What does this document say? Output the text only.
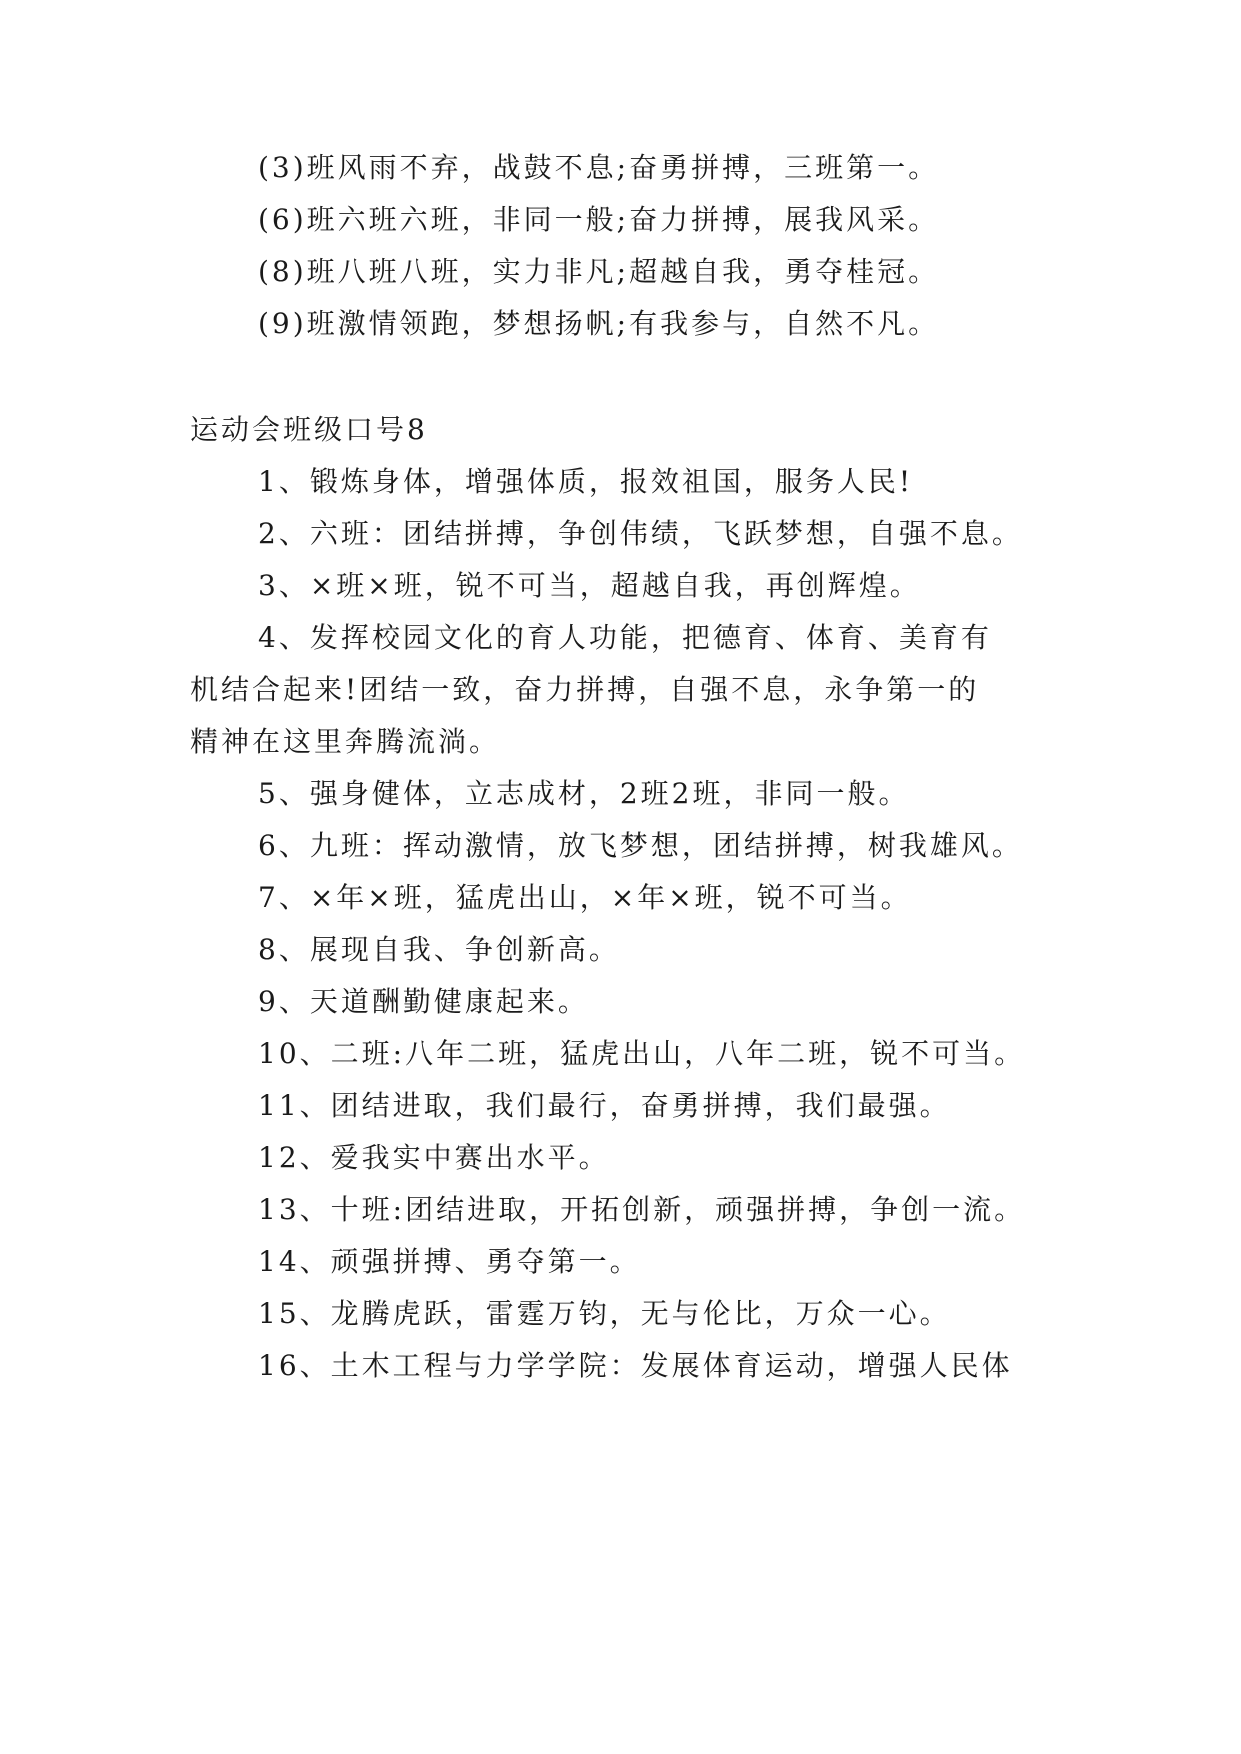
(3)班风雨不弃，战鼓不息;奋勇拼搏，三班第一。
(6)班六班六班，非同一般;奋力拼搏，展我风采。
(8)班八班八班，实力非凡;超越自我，勇夺桂冠。
(9)班激情领跑，梦想扬帆;有我参与，自然不凡。
运动会班级口号8
1、锻炼身体，增强体质，报效祖国，服务人民!
2、六班：团结拼搏，争创伟绩，飞跃梦想，自强不息。
3、×班×班，锐不可当，超越自我，再创辉煌。
4、发挥校园文化的育人功能，把德育、体育、美育有
机结合起来!团结一致，奋力拼搏，自强不息，永争第一的
精神在这里奔腾流淌。
5、强身健体，立志成材，2班2班，非同一般。
6、九班：挥动激情，放飞梦想，团结拼搏，树我雄风。
7、×年×班，猛虎出山，×年×班，锐不可当。
8、展现自我、争创新高。
9、天道酬勤健康起来。
10、二班:八年二班，猛虎出山，八年二班，锐不可当。
11、团结进取，我们最行，奋勇拼搏，我们最强。
12、爱我实中赛出水平。
13、十班:团结进取，开拓创新，顽强拼搏，争创一流。
14、顽强拼搏、勇夺第一。
15、龙腾虎跃，雷霆万钧，无与伦比，万众一心。
16、土木工程与力学学院：发展体育运动，增强人民体
